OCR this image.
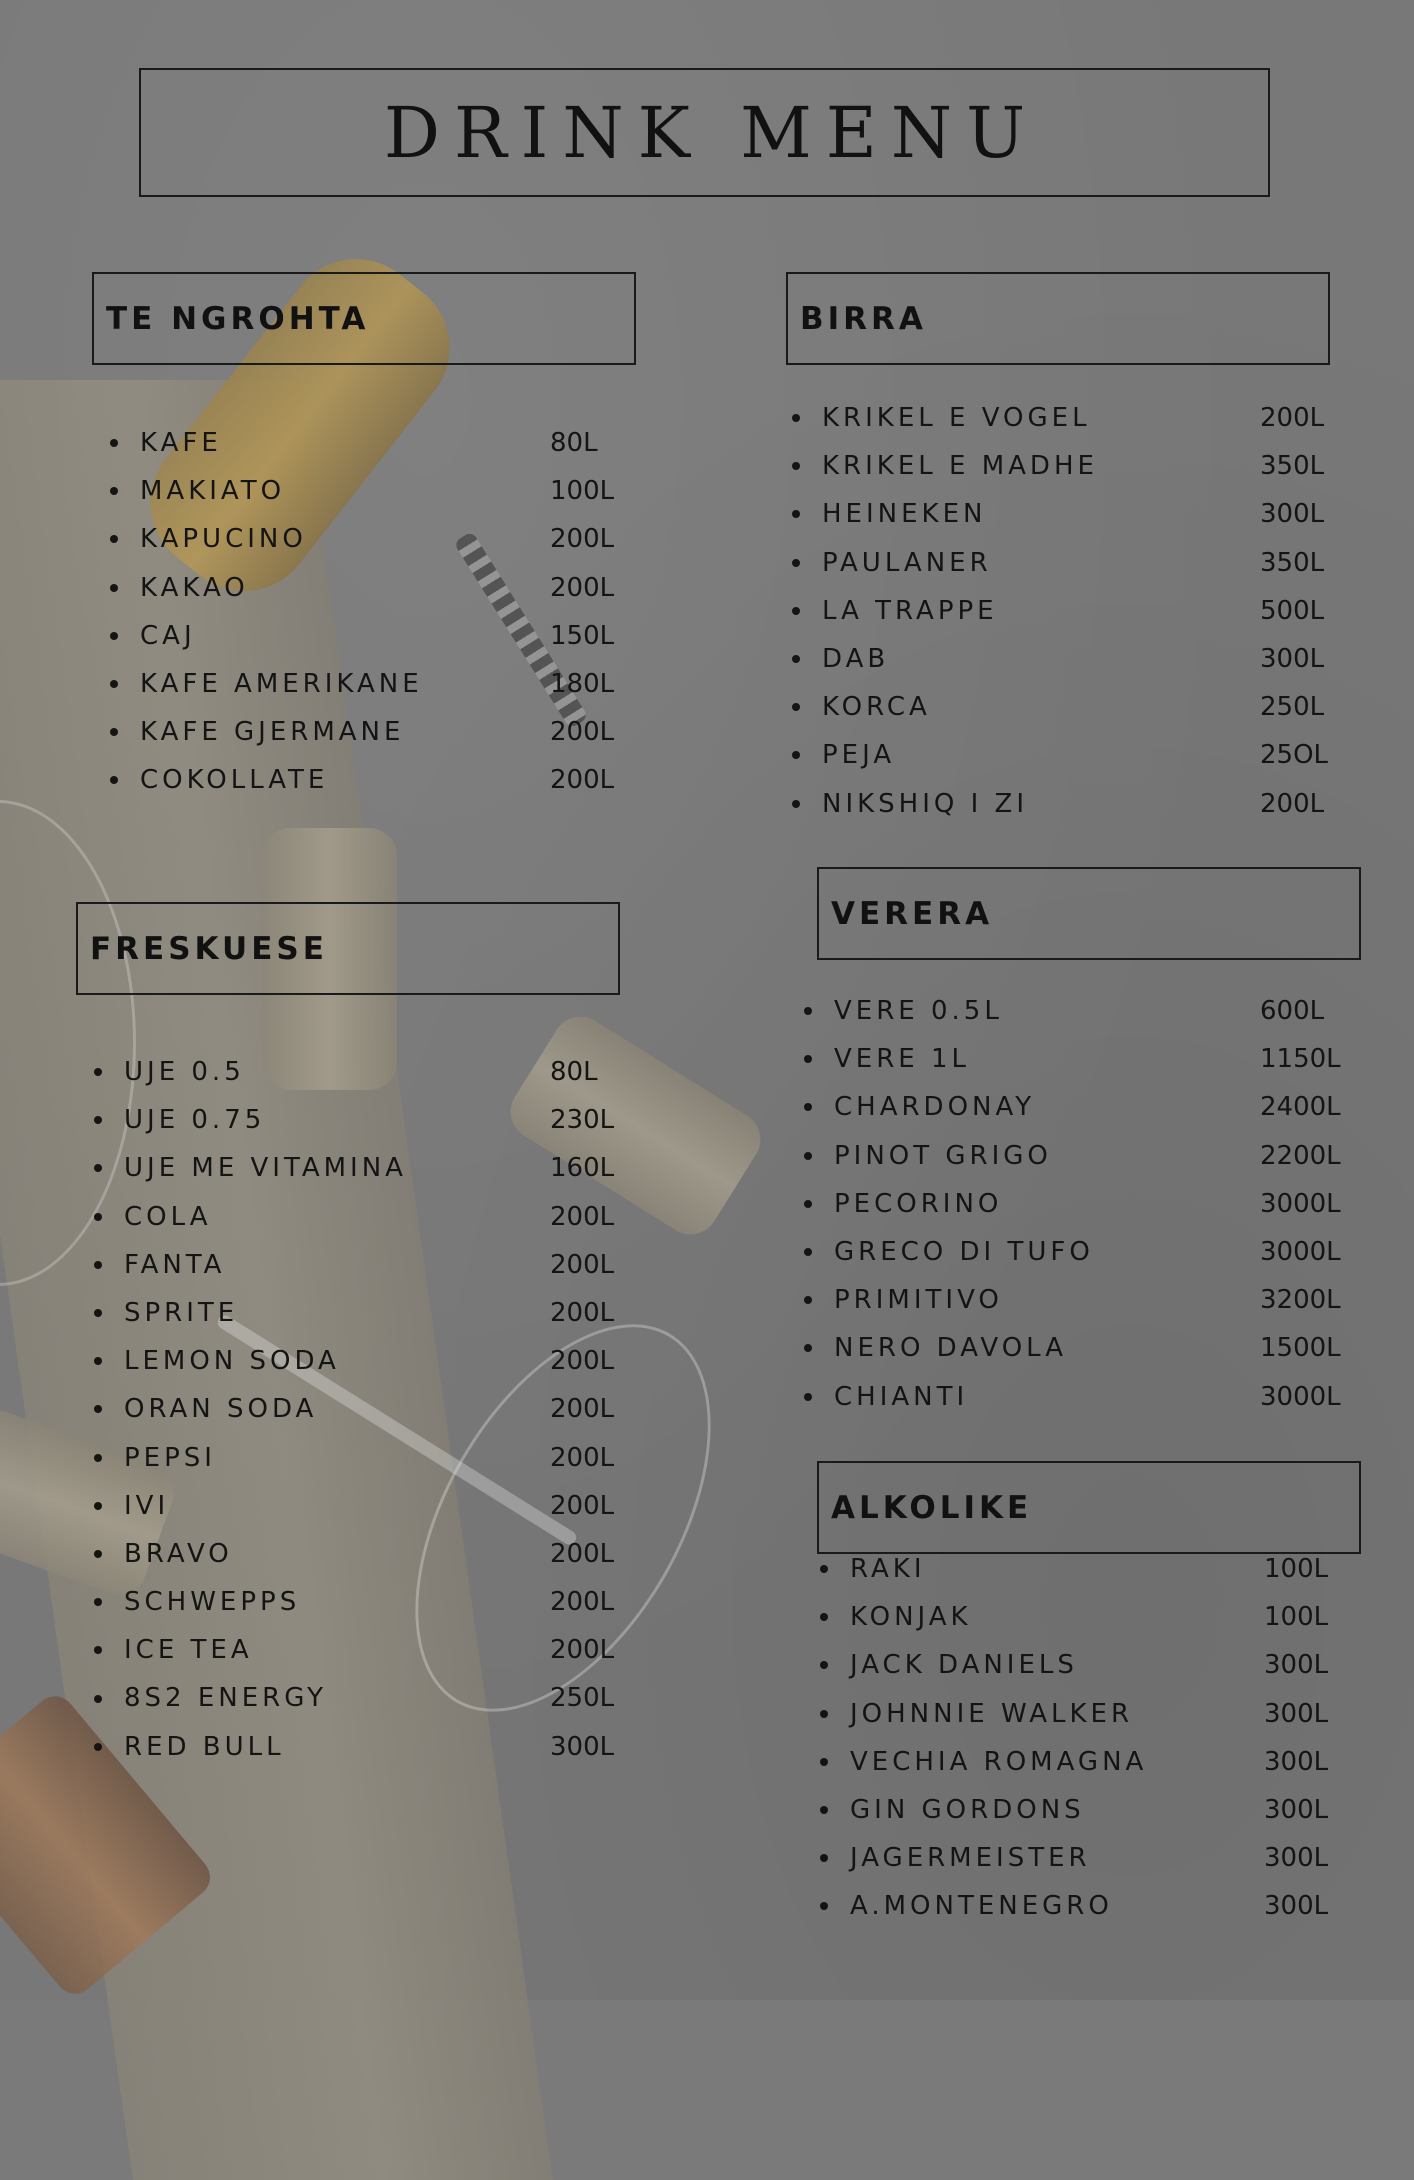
DRINK MENU
TE NGROHTA
KAFE	80L
MAKIATO	100L
KAPUCINO	200L
KAKAO	200L
CAJ	150L
KAFE AMERIKANE	180L
KAFE GJERMANE	200L
COKOLLATE	200L
BIRRA
KRIKEL E VOGEL	200L
KRIKEL E MADHE	350L
HEINEKEN	300L
PAULANER	350L
LA TRAPPE	500L
DAB	300L
KORCA	250L
PEJA	25OL
NIKSHIQ I ZI	200L
FRESKUESE
UJE 0.5	80L
UJE 0.75	230L
UJE ME VITAMINA	160L
COLA	200L
FANTA	200L
SPRITE	200L
LEMON SODA	200L
ORAN SODA	200L
PEPSI	200L
IVI	200L
BRAVO	200L
SCHWEPPS	200L
ICE TEA	200L
8S2 ENERGY	250L
RED BULL	300L
VERERA
VERE 0.5L	600L
VERE 1L	1150L
CHARDONAY	2400L
PINOT GRIGO	2200L
PECORINO	3000L
GRECO DI TUFO	3000L
PRIMITIVO	3200L
NERO DAVOLA	1500L
CHIANTI	3000L
ALKOLIKE
RAKI	100L
KONJAK	100L
JACK DANIELS	300L
JOHNNIE WALKER	300L
VECHIA ROMAGNA	300L
GIN GORDONS	300L
JAGERMEISTER	300L
A.MONTENEGRO	300L
